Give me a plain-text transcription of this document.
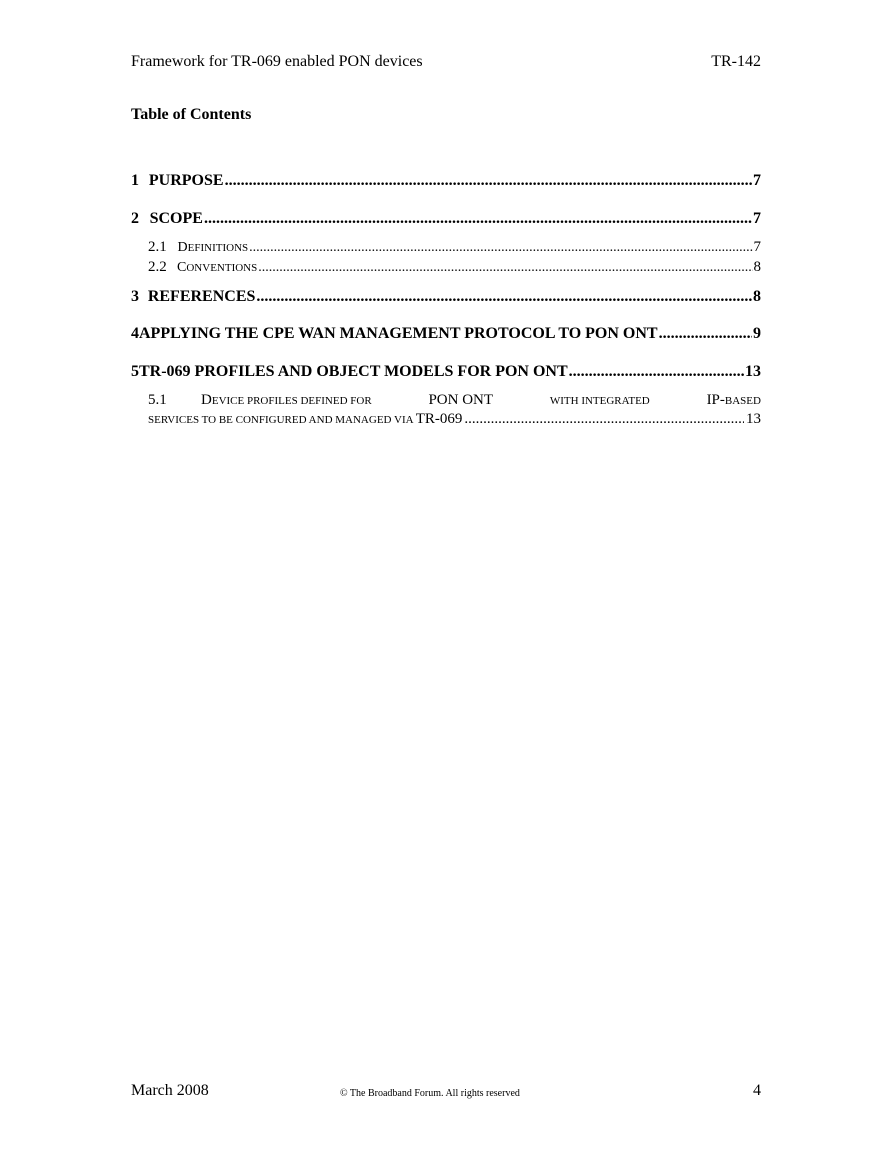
Framework for TR-069 enabled PON devices	TR-142
Table of Contents
1 PURPOSE .....	7
2 SCOPE .....	7
2.1 DEFINITIONS .....	7
2.2 CONVENTIONS .....	8
3 REFERENCES .....	8
4 APPLYING THE CPE WAN MANAGEMENT PROTOCOL TO PON ONT .....	9
5 TR-069 PROFILES AND OBJECT MODELS FOR PON ONT .....	13
5.1 DEVICE PROFILES DEFINED FOR	PON ONT	WITH INTEGRATED	IP-BASED
SERVICES TO BE CONFIGURED AND MANAGED VIA TR-069 .....	13
March 2008	© The Broadband Forum. All rights reserved	4
